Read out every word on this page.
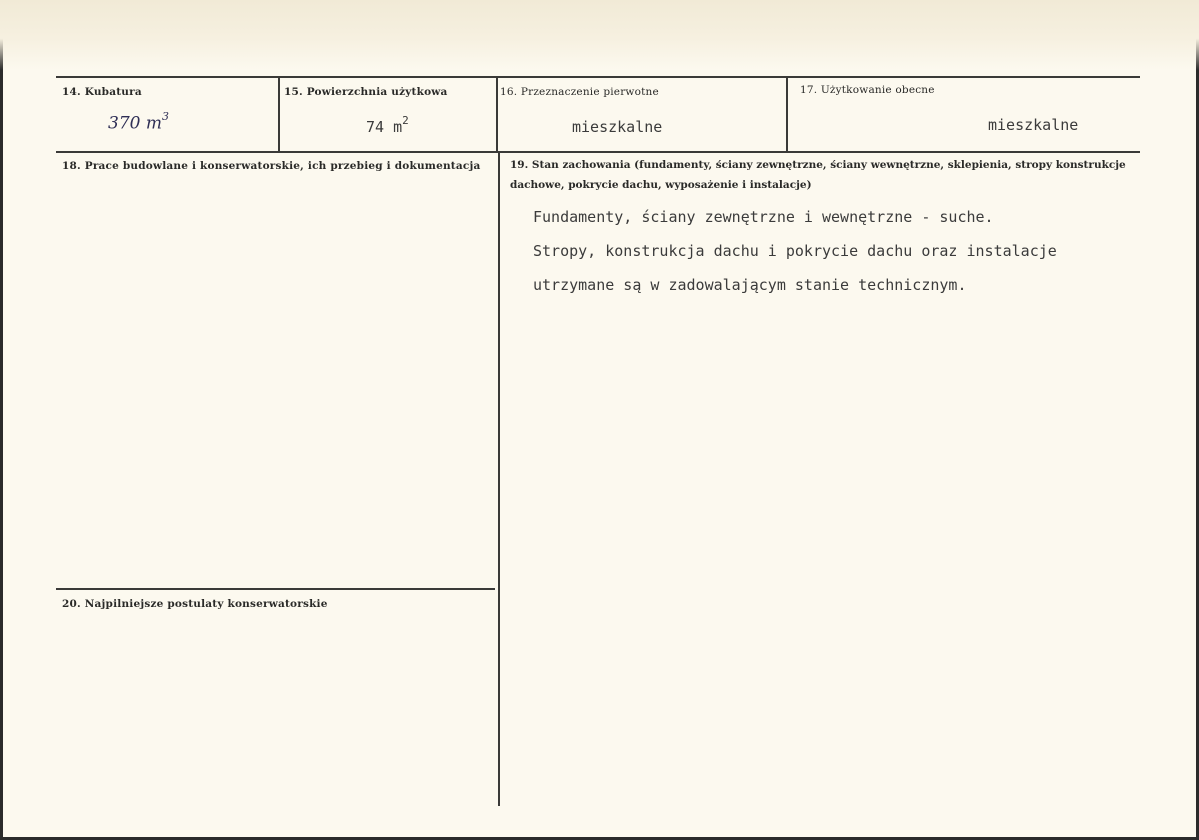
14. Kubatura
370 $m^3$
15. Powierzchnia użytkowa
74 $m^2$
16. Przeznaczenie pierwotne
mieszkalne
17. Użytkowanie obecne
mieszkalne
18. Prace budowlane i konserwatorskie, ich przebieg i dokumentacja	19. Stan zachowania (fundamenty, ściany zewnętrzne, ściany wewnętrzne, sklepienia, stropy konstrukcje dachowe, pokrycie dachu, wyposażenie i instalacje)
Fundamenty, ściany zewnętrzne i wewnętrzne - suche.
Stropy, konstrukcja dachu i pokrycie dachu oraz instalacje
utrzymane są w zadowalającym stanie technicznym.
20. Najpilniejsze postulaty konserwatorskie
